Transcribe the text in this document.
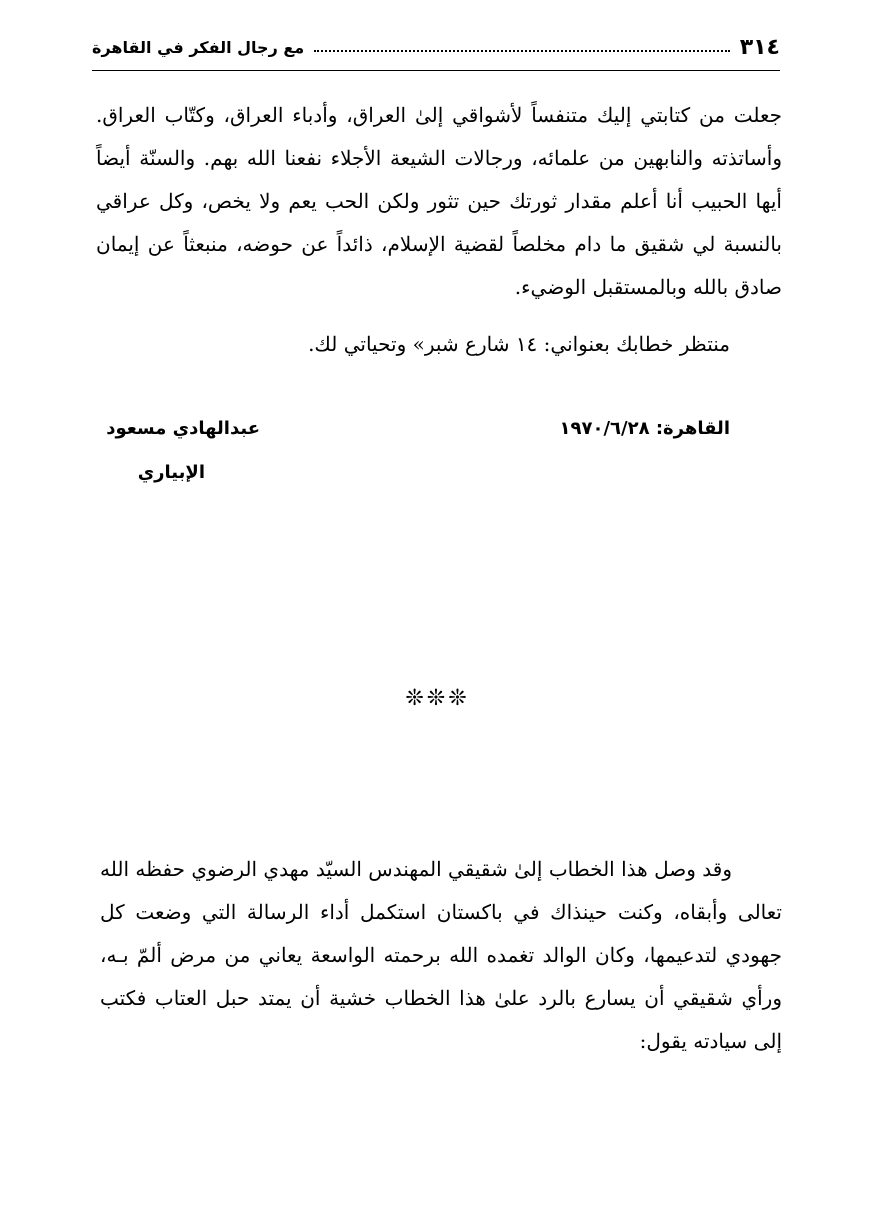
٣١٤
مع رجال الفكر في القاهرة

جعلت من كتابتي إليك متنفساً لأشواقي إلىٰ العراق، وأدباء العراق، وكتّاب العراق. وأساتذته والنابهين من علمائه، ورجالات الشيعة الأجلاء نفعنا الله بهم. والسنّة أيضاً أيها الحبيب أنا أعلم مقدار ثورتك حين تثور ولكن الحب يعم ولا يخص، وكل عراقي بالنسبة لي شقيق ما دام مخلصاً لقضية الإسلام، ذائداً عن حوضه، منبعثاً عن إيمان صادق بالله وبالمستقبل الوضيء.

منتظر خطابك بعنواني: ١٤ شارع شبر» وتحياتي لك.

القاهرة: ١٩٧٠/٦/٢٨
عبدالهادي مسعود
الإبياري
❊❊❊

وقد وصل هذا الخطاب إلىٰ شقيقي المهندس السيّد مهدي الرضوي حفظه الله تعالى وأبقاه، وكنت حينذاك في باكستان استكمل أداء الرسالة التي وضعت كل جهودي لتدعيمها، وكان الوالد تغمده الله برحمته الواسعة يعاني من مرض ألمّ بـه، ورأي شقيقي أن يسارع بالرد علىٰ هذا الخطاب خشية أن يمتد حبل العتاب فكتب إلى سيادته يقول:
